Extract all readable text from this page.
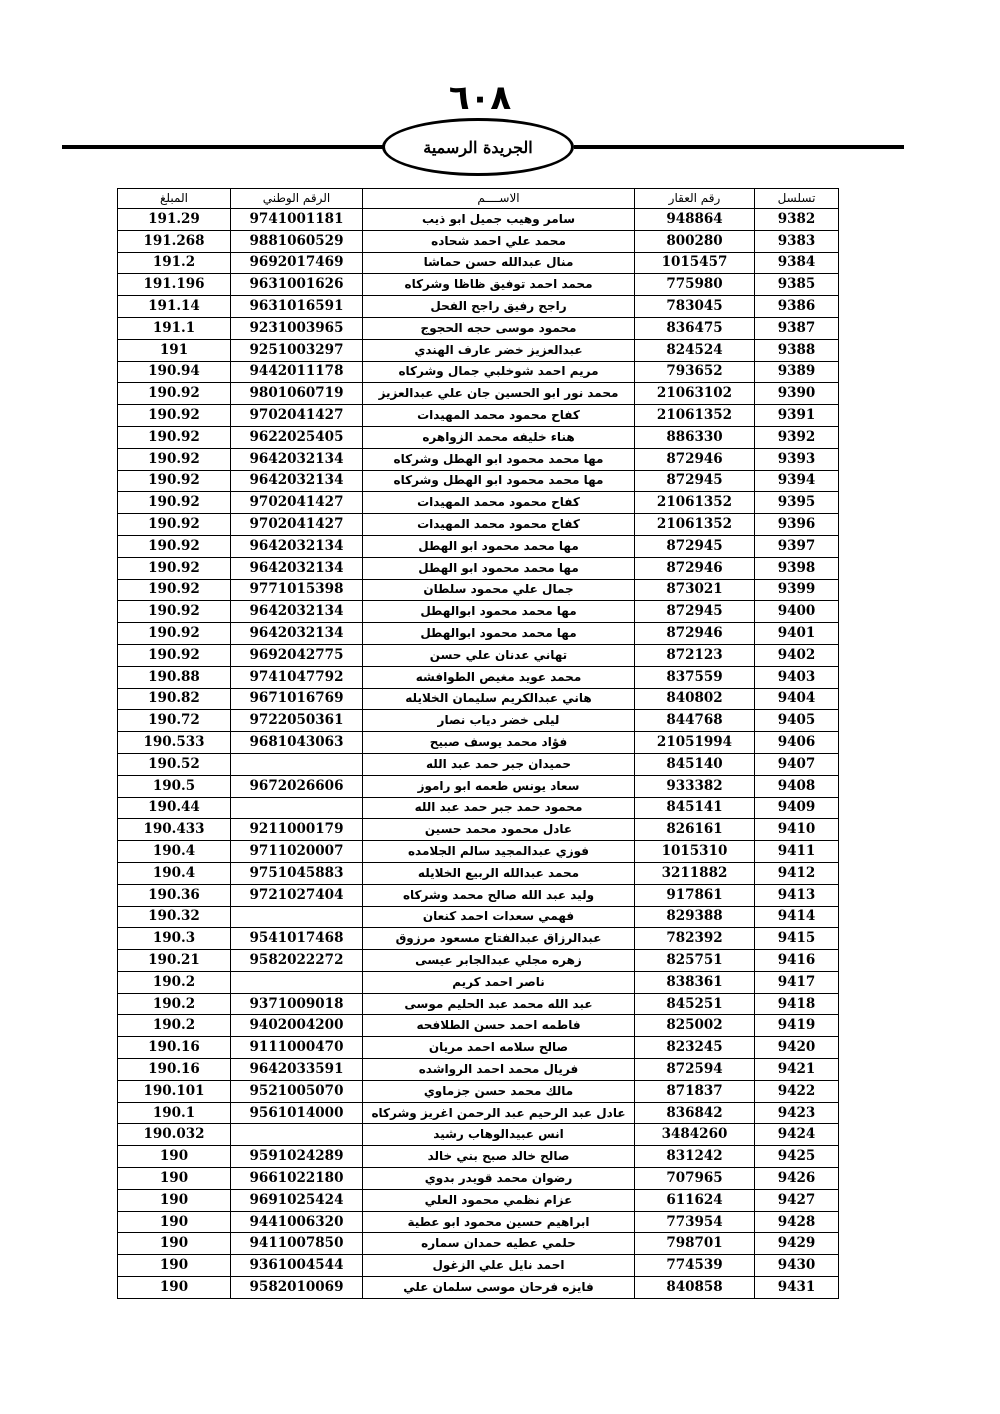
٦٠٨
الجريدة الرسمية
تسلسل	رقم العقار	الاســــم	الرقم الوطني	المبلغ
9382	948864	سامر وهيب جميل ابو ذيب	9741001181	191.29
9383	800280	محمد علي احمد شحاده	9881060529	191.268
9384	1015457	منال عبدالله حسن حماشا	9692017469	191.2
9385	775980	محمد احمد توفيق ظاظا وشركاه	9631001626	191.196
9386	783045	راجح رفيق راجح الفحل	9631016591	191.14
9387	836475	محمود موسى حجه الحجوج	9231003965	191.1
9388	824524	عبدالعزيز خضر عارف الهندي	9251003297	191
9389	793652	مريم احمد شوخلبي جمال وشركاه	9442011178	190.94
9390	21063102	محمد نور ابو الحسين جان علي عبدالعزيز	9801060719	190.92
9391	21061352	كفاح محمود محمد المهيدات	9702041427	190.92
9392	886330	هناء خليفه محمد الزواهره	9622025405	190.92
9393	872946	مها محمد محمود ابو الهطل وشركاه	9642032134	190.92
9394	872945	مها محمد محمود ابو الهطل وشركاه	9642032134	190.92
9395	21061352	كفاح محمود محمد المهيدات	9702041427	190.92
9396	21061352	كفاح محمود محمد المهيدات	9702041427	190.92
9397	872945	مها محمد محمود ابو الهطل	9642032134	190.92
9398	872946	مها محمد محمود ابو الهطل	9642032134	190.92
9399	873021	جمال علي محمود سلطان	9771015398	190.92
9400	872945	مها محمد محمود ابوالهطل	9642032134	190.92
9401	872946	مها محمد محمود ابوالهطل	9642032134	190.92
9402	872123	تهاني عدنان علي حسن	9692042775	190.92
9403	837559	محمد عويد مغيص الطوافشه	9741047792	190.88
9404	840802	هاني عبدالكريم سليمان الخلايله	9671016769	190.82
9405	844768	ليلى خضر دياب نصار	9722050361	190.72
9406	21051994	فؤاد محمد يوسف صبيح	9681043063	190.533
9407	845140	حميدان جبر حمد عبد الله		190.52
9408	933382	سعاد يونس طعمه ابو راموز	9672026606	190.5
9409	845141	محمود حمد جبر حمد عبد الله		190.44
9410	826161	عادل محمود محمد حسين	9211000179	190.433
9411	1015310	فوزي عبدالمجيد سالم الجلامده	9711020007	190.4
9412	3211882	محمد عبدالله الربيع الخلايله	9751045883	190.4
9413	917861	وليد عبد الله صالح محمد وشركاه	9721027404	190.36
9414	829388	فهمي سعدات احمد كنعان		190.32
9415	782392	عبدالرزاق عبدالفتاح مسعود مرزوق	9541017468	190.3
9416	825751	زهره مجلي عبدالجابر عيسى	9582022272	190.21
9417	838361	ناصر احمد كريم		190.2
9418	845251	عبد الله محمد عبد الحليم موسى	9371009018	190.2
9419	825002	فاطمه احمد حسن الطلافحه	9402004200	190.2
9420	823245	صالح سلامه احمد مريان	9111000470	190.16
9421	872594	فريال محمد احمد الرواشده	9642033591	190.16
9422	871837	مالك محمد حسن جزماوي	9521005070	190.101
9423	836842	عادل عبد الرحيم عبد الرحمن اغريز وشركاه	9561014000	190.1
9424	3484260	انس عبيدالوهاب رشيد		190.032
9425	831242	صالح خالد صبح بني خالد	9591024289	190
9426	707965	رضوان محمد قويدر بدوي	9661022180	190
9427	611624	عزام نظمي محمود العلي	9691025424	190
9428	773954	ابراهيم حسين محمود ابو عطية	9441006320	190
9429	798701	حلمي عطيه حمدان سماره	9411007850	190
9430	774539	احمد نايل علي الزغول	9361004544	190
9431	840858	فايزه فرحان موسى سلمان علي	9582010069	190
